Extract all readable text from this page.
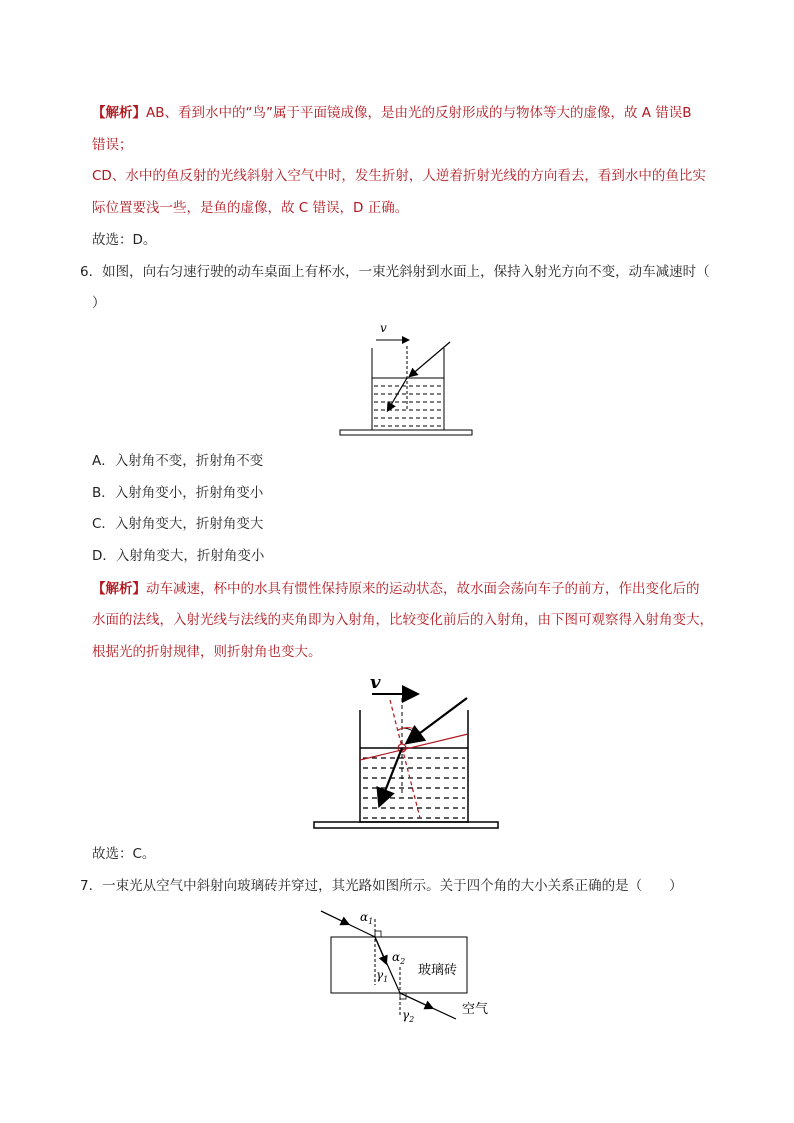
【解析】AB、看到水中的“鸟”属于平面镜成像，是由光的反射形成的与物体等大的虚像，故 A 错误B
错误；
CD、水中的鱼反射的光线斜射入空气中时，发生折射，人逆着折射光线的方向看去，看到水中的鱼比实
际位置要浅一些，是鱼的虚像，故 C 错误，D 正确。
故选：D。
6．如图，向右匀速行驶的动车桌面上有杯水，一束光斜射到水面上，保持入射光方向不变，动车减速时（
）
v
A．入射角不变，折射角不变
B．入射角变小，折射角变小
C．入射角变大，折射角变大
D．入射角变大，折射角变小
【解析】动车减速，杯中的水具有惯性保持原来的运动状态，故水面会荡向车子的前方，作出变化后的
水面的法线，入射光线与法线的夹角即为入射角，比较变化前后的入射角，由下图可观察得入射角变大，
根据光的折射规律，则折射角也变大。
v
故选：C。
7．一束光从空气中斜射向玻璃砖并穿过，其光路如图所示。关于四个角的大小关系正确的是（　　）
$\alpha_1$
$\alpha_2$
$\gamma_1$
$\gamma_2$
玻璃砖
空气
